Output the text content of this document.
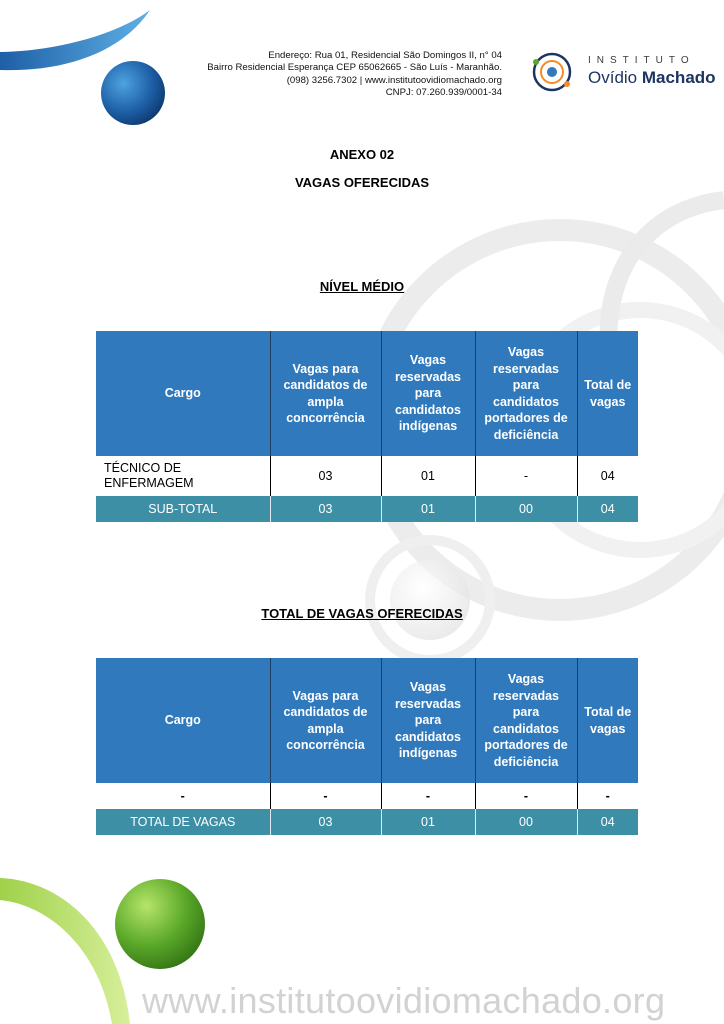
Endereço: Rua 01, Residencial São Domingos II, n° 04
Bairro Residencial Esperança CEP 65062665 - São Luís - Maranhão.
(098) 3256.7302 | www.institutoovidiomachado.org
CNPJ: 07.260.939/0001-34
INSTITUTO
Ovídio Machado
ANEXO 02
VAGAS OFERECIDAS
NÍVEL MÉDIO
Cargo	Vagas para candidatos de ampla concorrência	Vagas reservadas para candidatos indígenas	Vagas reservadas para candidatos portadores de deficiência	Total de vagas
TÉCNICO DE ENFERMAGEM	03	01	-	04
SUB-TOTAL	03	01	00	04
TOTAL DE VAGAS OFERECIDAS
Cargo	Vagas para candidatos de ampla concorrência	Vagas reservadas para candidatos indígenas	Vagas reservadas para candidatos portadores de deficiência	Total de vagas
-	-	-	-	-
TOTAL DE VAGAS	03	01	00	04
www.institutoovidiomachado.org
